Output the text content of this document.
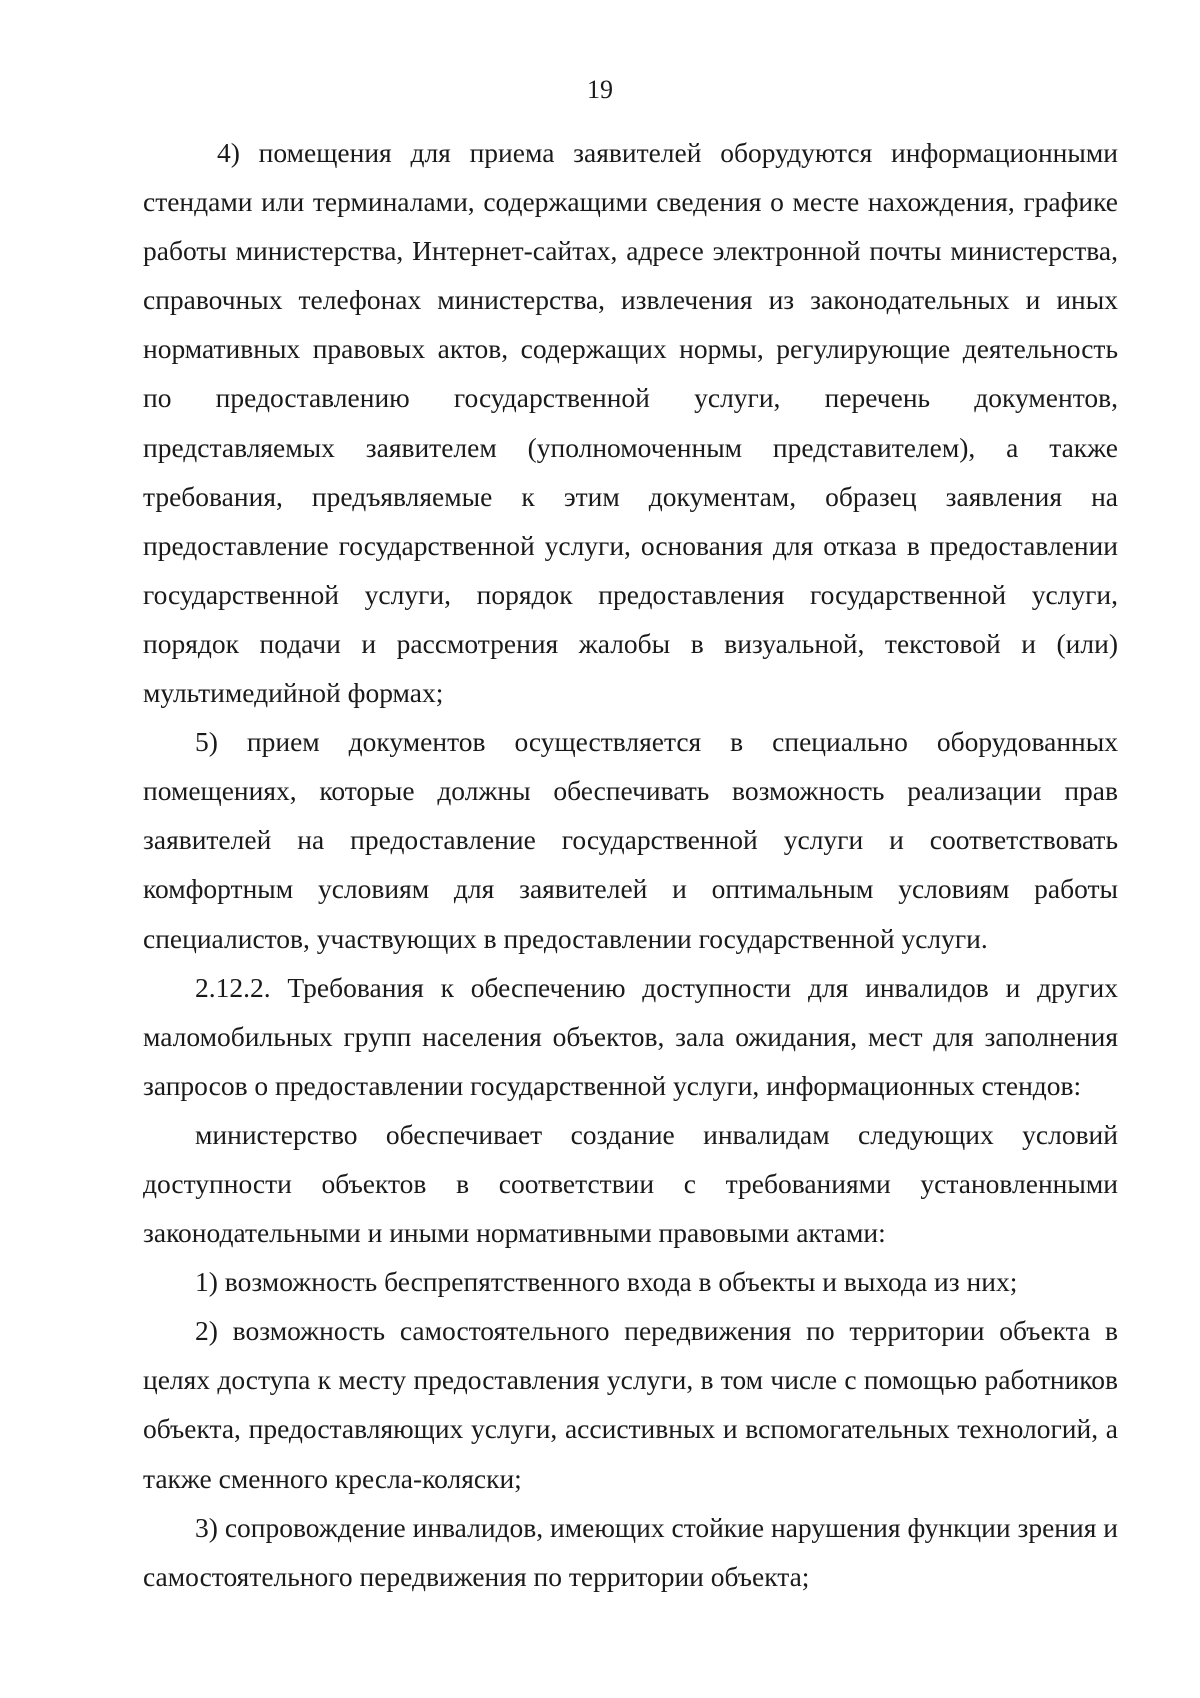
19

4) помещения для приема заявителей оборудуются информационными стендами или терминалами, содержащими сведения о месте нахождения, графике работы министерства, Интернет-сайтах, адресе электронной почты министерства, справочных телефонах министерства, извлечения из законодательных и иных нормативных правовых актов, содержащих нормы, регулирующие деятельность по предоставлению государственной услуги, перечень документов, представляемых заявителем (уполномоченным представителем), а также требования, предъявляемые к этим документам, образец заявления на предоставление государственной услуги, основания для отказа в предоставлении государственной услуги, порядок предоставления государственной услуги, порядок подачи и рассмотрения жалобы в визуальной, текстовой и (или) мультимедийной формах;

5) прием документов осуществляется в специально оборудованных помещениях, которые должны обеспечивать возможность реализации прав заявителей на предоставление государственной услуги и соответствовать комфортным условиям для заявителей и оптимальным условиям работы специалистов, участвующих в предоставлении государственной услуги.

2.12.2. Требования к обеспечению доступности для инвалидов и других маломобильных групп населения объектов, зала ожидания, мест для заполнения запросов о предоставлении государственной услуги, информационных стендов:

министерство обеспечивает создание инвалидам следующих условий доступности объектов в соответствии с требованиями установленными законодательными и иными нормативными правовыми актами:

1) возможность беспрепятственного входа в объекты и выхода из них;

2) возможность самостоятельного передвижения по территории объекта в целях доступа к месту предоставления услуги, в том числе с помощью работников объекта, предоставляющих услуги, ассистивных и вспомогательных технологий, а также сменного кресла-коляски;

3) сопровождение инвалидов, имеющих стойкие нарушения функции зрения и самостоятельного передвижения по территории объекта;
